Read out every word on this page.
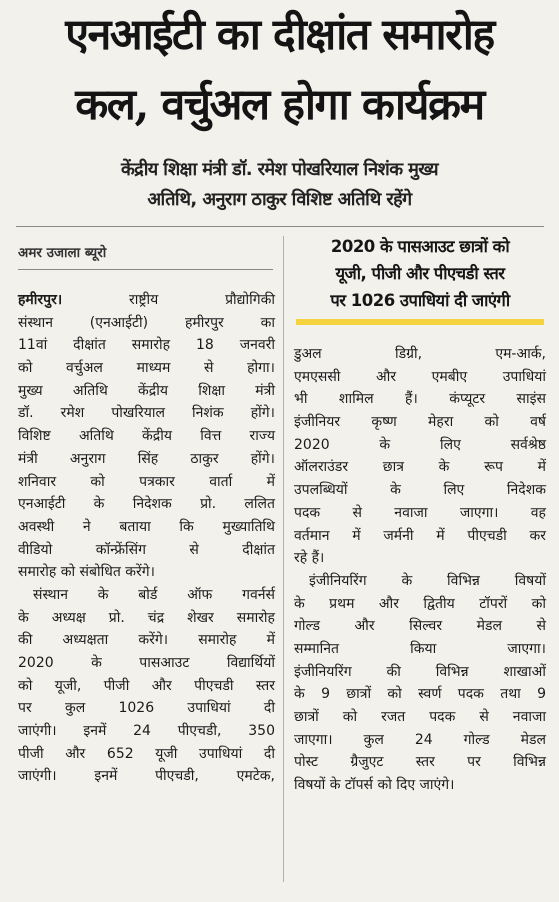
एनआईटी का दीक्षांत समारोह
कल, वर्चुअल होगा कार्यक्रम
केंद्रीय शिक्षा मंत्री डॉ. रमेश पोखरियाल निशंक मुख्य
अतिथि, अनुराग ठाकुर विशिष्ट अतिथि रहेंगे
अमर उजाला ब्यूरो	2020 के पासआउट छात्रों को
यूजी, पीजी और पीएचडी स्तर
पर 1026 उपाधियां दी जाएंगी
हमीरपुर।	राष्ट्रीय प्रौद्योगिकी
संस्थान (एनआईटी) हमीरपुर का
11वां दीक्षांत समारोह 18 जनवरी
को वर्चुअल माध्यम से होगा।
मुख्य अतिथि केंद्रीय शिक्षा मंत्री
डॉ. रमेश पोखरियाल निशंक होंगे।
विशिष्ट अतिथि केंद्रीय वित्त राज्य
मंत्री अनुराग सिंह ठाकुर होंगे।
शनिवार को पत्रकार वार्ता में
एनआईटी के निदेशक प्रो. ललित
अवस्थी ने बताया कि मुख्यातिथि
वीडियो कॉन्फ्रेंसिंग से दीक्षांत
समारोह को संबोधित करेंगे।
संस्थान के बोर्ड ऑफ गवर्नर्स
के अध्यक्ष प्रो. चंद्र शेखर समारोह
की अध्यक्षता करेंगे। समारोह में
2020 के पासआउट विद्यार्थियों
को यूजी, पीजी और पीएचडी स्तर
पर कुल 1026 उपाधियां दी
जाएंगी। इनमें 24 पीएचडी, 350
पीजी और 652 यूजी उपाधियां दी
जाएंगी। इनमें पीएचडी, एमटेक,
डुअल डिग्री, एम-आर्क,
एमएससी और एमबीए उपाधियां
भी शामिल हैं। कंप्यूटर साइंस
इंजीनियर कृष्ण मेहरा को वर्ष
2020 के लिए सर्वश्रेष्ठ
ऑलराउंडर छात्र के रूप में
उपलब्धियों के लिए निदेशक
पदक से नवाजा जाएगा। वह
वर्तमान में जर्मनी में पीएचडी कर
रहे हैं।
इंजीनियरिंग के विभिन्न विषयों
के प्रथम और द्वितीय टॉपरों को
गोल्ड और सिल्वर मेडल से
सम्मानित किया जाएगा।
इंजीनियरिंग की विभिन्न शाखाओं
के 9 छात्रों को स्वर्ण पदक तथा 9
छात्रों को रजत पदक से नवाजा
जाएगा। कुल 24 गोल्ड मेडल
पोस्ट ग्रैजुएट स्तर पर विभिन्न
विषयों के टॉपर्स को दिए जाएंगे।
